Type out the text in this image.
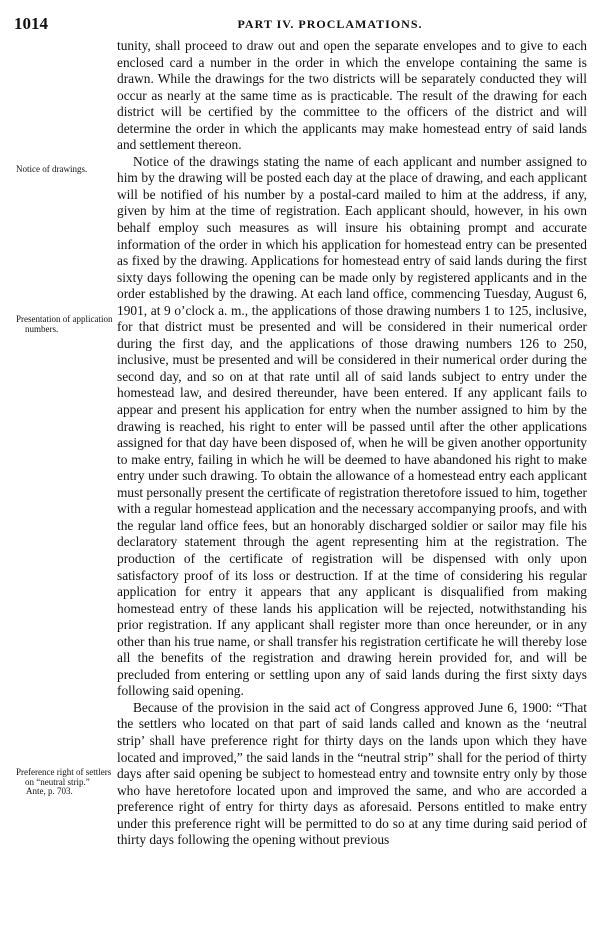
1014	PART IV. PROCLAMATIONS.
Notice of drawings.
Presentation of application numbers.
Preference right of settlers on “neutral strip.”
Ante, p. 703.

tunity, shall proceed to draw out and open the separate envelopes and to give to each enclosed card a number in the order in which the envelope containing the same is drawn. While the drawings for the two districts will be separately conducted they will occur as nearly at the same time as is practicable. The result of the drawing for each district will be certified by the committee to the officers of the district and will determine the order in which the applicants may make homestead entry of said lands and settlement thereon.

Notice of the drawings stating the name of each applicant and number assigned to him by the drawing will be posted each day at the place of drawing, and each applicant will be notified of his number by a postal-card mailed to him at the address, if any, given by him at the time of registration. Each applicant should, however, in his own behalf employ such measures as will insure his obtaining prompt and accurate information of the order in which his application for homestead entry can be presented as fixed by the drawing. Applications for homestead entry of said lands during the first sixty days following the opening can be made only by registered applicants and in the order established by the drawing. At each land office, commencing Tuesday, August 6, 1901, at 9 o’clock a. m., the applications of those drawing numbers 1 to 125, inclusive, for that district must be presented and will be considered in their numerical order during the first day, and the applications of those drawing numbers 126 to 250, inclusive, must be presented and will be considered in their numerical order during the second day, and so on at that rate until all of said lands subject to entry under the homestead law, and desired thereunder, have been entered. If any applicant fails to appear and present his application for entry when the number assigned to him by the drawing is reached, his right to enter will be passed until after the other applications assigned for that day have been disposed of, when he will be given another opportunity to make entry, failing in which he will be deemed to have abandoned his right to make entry under such drawing. To obtain the allowance of a homestead entry each applicant must personally present the certificate of registration theretofore issued to him, together with a regular homestead application and the necessary accompanying proofs, and with the regular land office fees, but an honorably discharged soldier or sailor may file his declaratory statement through the agent representing him at the registration. The production of the certificate of registration will be dispensed with only upon satisfactory proof of its loss or destruction. If at the time of considering his regular application for entry it appears that any applicant is disqualified from making homestead entry of these lands his application will be rejected, notwithstanding his prior registration. If any applicant shall register more than once hereunder, or in any other than his true name, or shall transfer his registration certificate he will thereby lose all the benefits of the registration and drawing herein provided for, and will be precluded from entering or settling upon any of said lands during the first sixty days following said opening.

Because of the provision in the said act of Congress approved June 6, 1900: “That the settlers who located on that part of said lands called and known as the ‘neutral strip’ shall have preference right for thirty days on the lands upon which they have located and improved,” the said lands in the “neutral strip” shall for the period of thirty days after said opening be subject to homestead entry and townsite entry only by those who have heretofore located upon and improved the same, and who are accorded a preference right of entry for thirty days as aforesaid. Persons entitled to make entry under this preference right will be permitted to do so at any time during said period of thirty days following the opening without previous
